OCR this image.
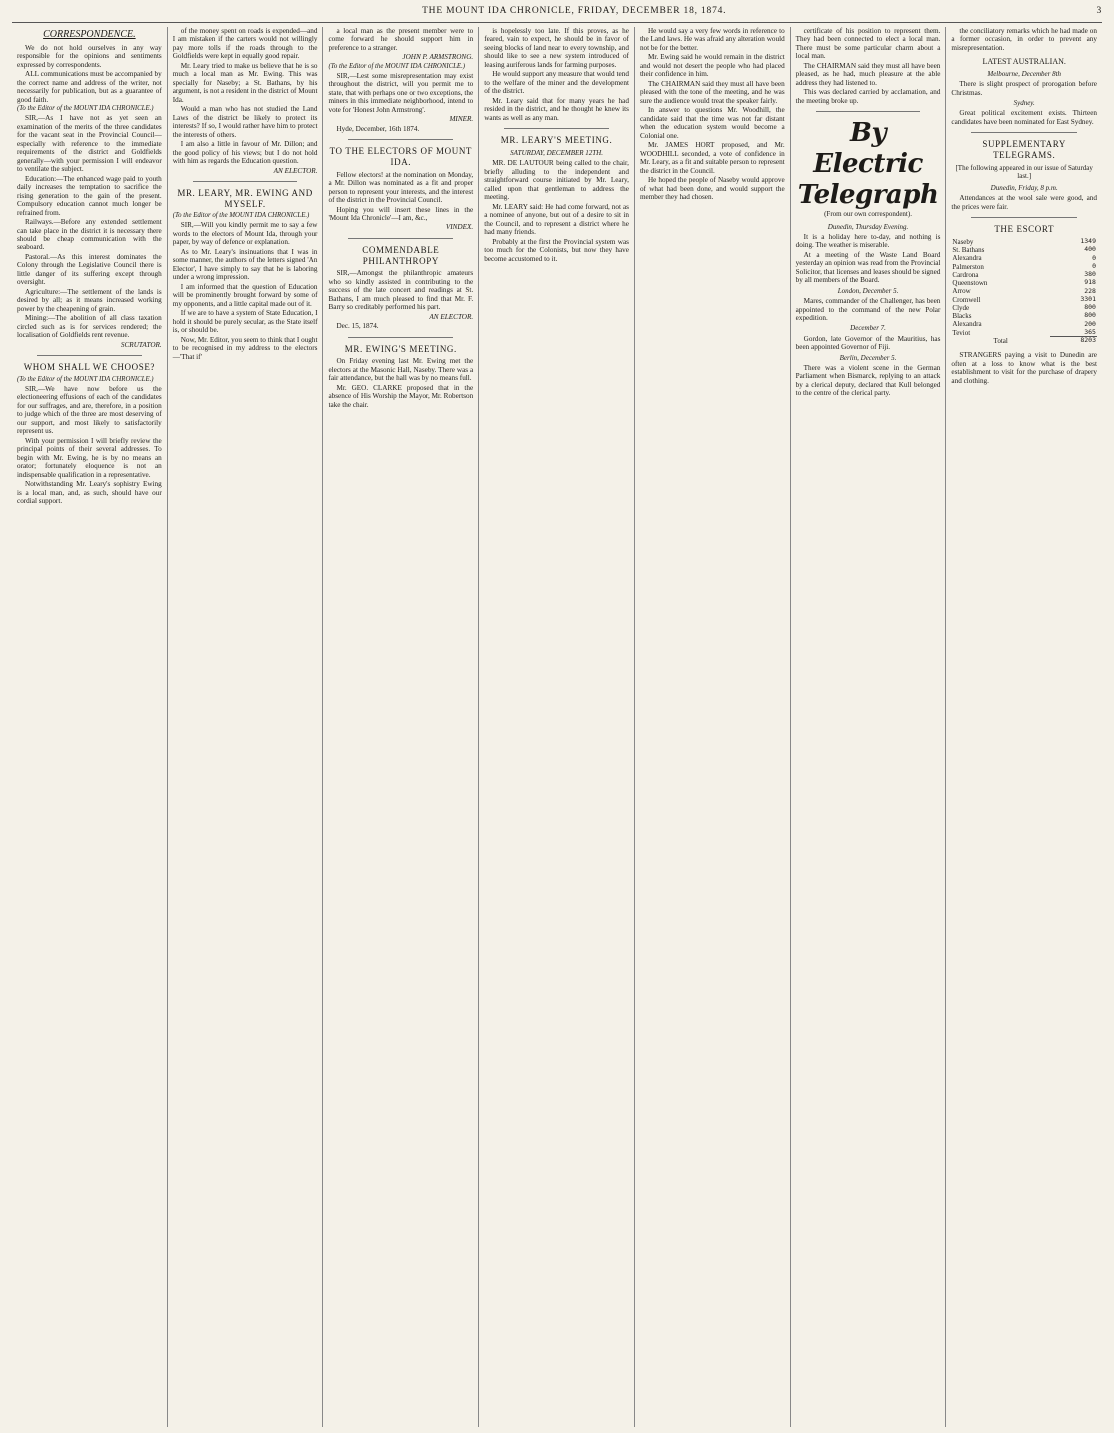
THE MOUNT IDA CHRONICLE, FRIDAY, DECEMBER 18, 1874.	3
CORRESPONDENCE.

We do not hold ourselves in any way responsible for the opinions and sentiments expressed by correspondents.

ALL communications must be accompanied by the correct name and address of the writer, not necessarily for publication, but as a guarantee of good faith.

(To the Editor of the MOUNT IDA CHRONICLE.)

SIR,—As I have not as yet seen an examination of the merits of the three candidates for the vacant seat in the Provincial Council—especially with reference to the immediate requirements of the district and Goldfields generally—with your permission I will endeavor to ventilate the subject.

Education:—The enhanced wage paid to youth daily increases the temptation to sacrifice the rising generation to the gain of the present. Compulsory education cannot much longer be refrained from.

Railways.—Before any extended settlement can take place in the district it is necessary there should be cheap communication with the seaboard.

Pastoral.—As this interest dominates the Colony through the Legislative Council there is little danger of its suffering except through oversight.

Agriculture:—The settlement of the lands is desired by all; as it means increased working power by the cheapening of grain.

Mining:—The abolition of all class taxation circled such as is for services rendered; the localisation of Goldfields rent revenue.

SCRUTATOR.

WHOM SHALL WE CHOOSE?

(To the Editor of the MOUNT IDA CHRONICLE.)

SIR,—We have now before us the electioneering effusions of each of the candidates for our suffrages, and are, therefore, in a position to judge which of the three are most deserving of our support, and most likely to satisfactorily represent us.

With your permission I will briefly review the principal points of their several addresses. To begin with Mr. Ewing, he is by no means an orator; fortunately eloquence is not an indispensable qualification in a representative.

Notwithstanding Mr. Leary's sophistry Ewing is a local man, and, as such, should have our cordial support.

of the money spent on roads is expended—and I am mistaken if the carters would not willingly pay more tolls if the roads through to the Goldfields were kept in equally good repair.

Mr. Leary tried to make us believe that he is so much a local man as Mr. Ewing. This was specially for Naseby; a St. Bathans, by his argument, is not a resident in the district of Mount Ida.

Would a man who has not studied the Land Laws of the district be likely to protect its interests? If so, I would rather have him to protect the interests of others.

I am also a little in favour of Mr. Dillon; and the good policy of his views; but I do not hold with him as regards the Education question.

AN ELECTOR.

MR. LEARY, MR. EWING AND MYSELF.

(To the Editor of the MOUNT IDA CHRONICLE.)

SIR,—Will you kindly permit me to say a few words to the electors of Mount Ida, through your paper, by way of defence or explanation.

As to Mr. Leary's insinuations that I was in some manner, the authors of the letters signed 'An Elector', I have simply to say that he is laboring under a wrong impression.

I am informed that the question of Education will be prominently brought forward by some of my opponents, and a little capital made out of it.

If we are to have a system of State Education, I hold it should be purely secular, as the State itself is, or should be.

Now, Mr. Editor, you seem to think that I ought to be recognised in my address to the electors—'That if'

a local man as the present member were to come forward he should support him in preference to a stranger.

JOHN P. ARMSTRONG.

(To the Editor of the MOUNT IDA CHRONICLE.)

SIR,—Lest some misrepresentation may exist throughout the district, will you permit me to state, that with perhaps one or two exceptions, the miners in this immediate neighborhood, intend to vote for 'Honest John Armstrong'.

MINER.

Hyde, December, 16th 1874.

TO THE ELECTORS OF MOUNT IDA.

Fellow electors! at the nomination on Monday, a Mr. Dillon was nominated as a fit and proper person to represent your interests, and the interest of the district in the Provincial Council.

Hoping you will insert these lines in the 'Mount Ida Chronicle'—I am, &c.,

VINDEX.

COMMENDABLE PHILANTHROPY

SIR,—Amongst the philanthropic amateurs who so kindly assisted in contributing to the success of the late concert and readings at St. Bathans, I am much pleased to find that Mr. F. Barry so creditably performed his part.

AN ELECTOR.

Dec. 15, 1874.

MR. EWING'S MEETING.

On Friday evening last Mr. Ewing met the electors at the Masonic Hall, Naseby. There was a fair attendance, but the hall was by no means full.

Mr. GEO. CLARKE proposed that in the absence of His Worship the Mayor, Mr. Robertson take the chair.

is hopelessly too late. If this proves, as he feared, vain to expect, he should be in favor of seeing blocks of land near to every township, and should like to see a new system introduced of leasing auriferous lands for farming purposes.

He would support any measure that would tend to the welfare of the miner and the development of the district.

Mr. Leary said that for many years he had resided in the district, and he thought he knew its wants as well as any man.

MR. LEARY'S MEETING.
SATURDAY, DECEMBER 12TH.

MR. DE LAUTOUR being called to the chair, briefly alluding to the independent and straightforward course initiated by Mr. Leary, called upon that gentleman to address the meeting.

Mr. LEARY said: He had come forward, not as a nominee of anyone, but out of a desire to sit in the Council, and to represent a district where he had many friends.

Probably at the first the Provincial system was too much for the Colonists, but now they have become accustomed to it.

He would say a very few words in reference to the Land laws. He was afraid any alteration would not be for the better.

Mr. Ewing said he would remain in the district and would not desert the people who had placed their confidence in him.

The CHAIRMAN said they must all have been pleased with the tone of the meeting, and he was sure the audience would treat the speaker fairly.

In answer to questions Mr. Woodhill, the candidate said that the time was not far distant when the education system would become a Colonial one.

Mr. JAMES HORT proposed, and Mr. WOODHILL seconded, a vote of confidence in Mr. Leary, as a fit and suitable person to represent the district in the Council.

He hoped the people of Naseby would approve of what had been done, and would support the member they had chosen.

certificate of his position to represent them. They had been connected to elect a local man. There must be some particular charm about a local man.

The CHAIRMAN said they must all have been pleased, as he had, much pleasure at the able address they had listened to.

This was declared carried by acclamation, and the meeting broke up.

By Electric Telegraph
(From our own correspondent).
Dunedin, Thursday Evening.

It is a holiday here to-day, and nothing is doing. The weather is miserable.

At a meeting of the Waste Land Board yesterday an opinion was read from the Provincial Solicitor, that licenses and leases should be signed by all members of the Board.

London, December 5.

Mares, commander of the Challenger, has been appointed to the command of the new Polar expedition.

December 7.

Gordon, late Governor of the Mauritius, has been appointed Governor of Fiji.

Berlin, December 5.

There was a violent scene in the German Parliament when Bismarck, replying to an attack by a clerical deputy, declared that Kull belonged to the centre of the clerical party.

the conciliatory remarks which he had made on a former occasion, in order to prevent any misrepresentation.

LATEST AUSTRALIAN.
Melbourne, December 8th

There is slight prospect of prorogation before Christmas.

Sydney.

Great political excitement exists. Thirteen candidates have been nominated for East Sydney.

SUPPLEMENTARY TELEGRAMS.
[The following appeared in our issue of Saturday last.]
Dunedin, Friday, 8 p.m.

Attendances at the wool sale were good, and the prices were fair.

THE ESCORT
Naseby	1349
St. Bathans	400
Alexandra	0
Palmerston	0
Cardrona	380
Queenstown	918
Arrow	228
Cromwell	3301
Clyde	800
Blacks	800
Alexandra	200
Teviot	365
Total	8203

STRANGERS paying a visit to Dunedin are often at a loss to know what is the best establishment to visit for the purchase of drapery and clothing.
